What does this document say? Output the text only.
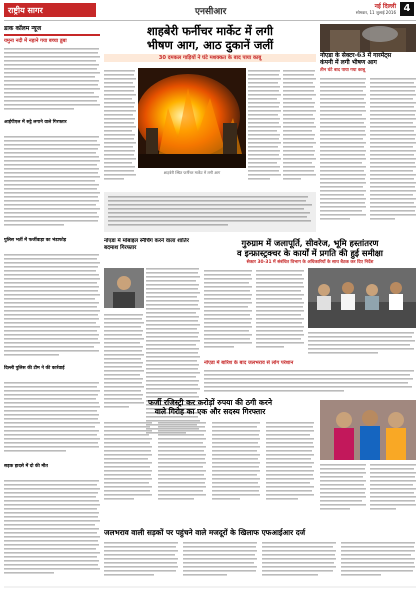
राष्ट्रीय सागर	एनसीआर
नई दिल्ली
सोमवार, 11 जुलाई 2016 4
डाक कॉलम न्यूज
यमुना नदी में नहाने गया बच्चा डूबा
आईपीएल में सट्टे लगाने वाले गिरफ्तार
पुलिस भर्ती में फर्जीवाड़ा का भंडाफोड़
दिल्ली पुलिस की टीम ने की कार्रवाई
सड़क हादसे में दो की मौत
शाहबेरी फर्नीचर मार्केट में लगी
भीषण आग, आठ दुकानें जलीं
30 दमकल गाड़ियों ने घंटे मशक्कत के बाद पाया काबू
शाहबेरी स्थित फर्नीचर मार्केट में लगी आग
नोएडा के सेक्टर-63 में गारमेंट्स
कंपनी में लगी भीषण आग
तीन घंटे बाद पाया गया काबू
नोएडा में मोबाइल स्नैचिंग करने वाला शातिर बदमाश गिरफ्तार	गुरुग्राम में जलापूर्ति, सीवरेज, भूमि हस्तांतरण
व इन्फ्रास्ट्रक्चर के कार्यों में प्रगति की हुई समीक्षा
सेक्टर 30-31 में संबंधित विभाग के अधिकारियों के साथ बैठक कर दिए निर्देश
फर्जी रजिस्ट्री कर करोड़ों रुपया की ठगी करने
वाले गिरोह का एक और सदस्य गिरफ्तार
नोएडा में बारिश के बाद जलभराव से लोग परेशान
जलभराव वाली सड़कों पर पहुंचने वाले मजदूरों के खिलाफ एफआईआर दर्ज
